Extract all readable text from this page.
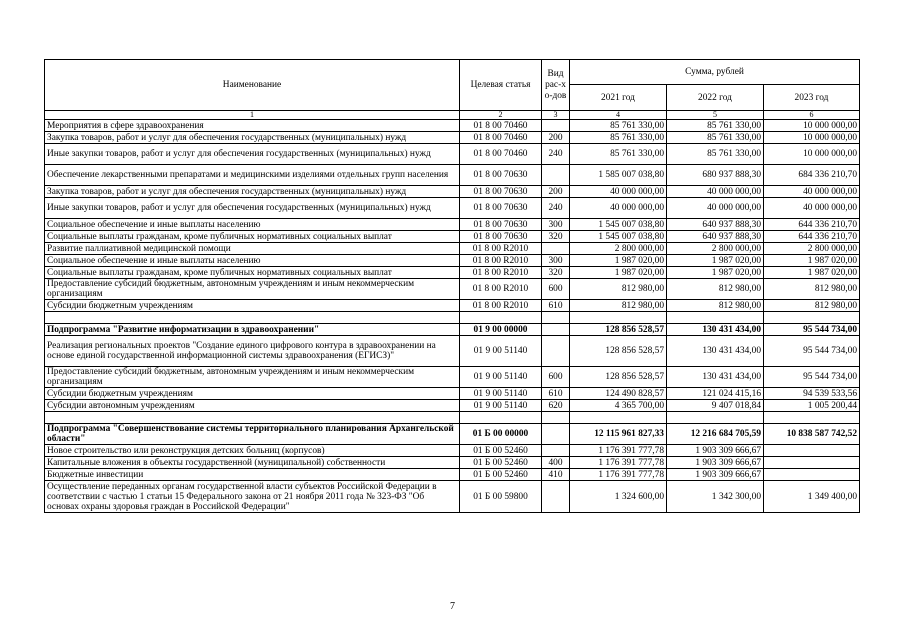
Наименование	Целевая статья	Вид рас-хо-дов	Сумма, рублей		
			2021 год	2022 год	2023 год
1	2	3	4	5	6
Мероприятия в сфере здравоохранения	01 8 00 70460		85 761 330,00	85 761 330,00	10 000 000,00
Закупка товаров, работ и услуг для обеспечения государственных (муниципальных) нужд	01 8 00 70460	200	85 761 330,00	85 761 330,00	10 000 000,00
Иные закупки товаров, работ и услуг для обеспечения государственных (муниципальных) нужд	01 8 00 70460	240	85 761 330,00	85 761 330,00	10 000 000,00
Обеспечение лекарственными препаратами и медицинскими изделиями отдельных групп населения	01 8 00 70630		1 585 007 038,80	680 937 888,30	684 336 210,70
Закупка товаров, работ и услуг для обеспечения государственных (муниципальных) нужд	01 8 00 70630	200	40 000 000,00	40 000 000,00	40 000 000,00
Иные закупки товаров, работ и услуг для обеспечения государственных (муниципальных) нужд	01 8 00 70630	240	40 000 000,00	40 000 000,00	40 000 000,00
Социальное обеспечение и иные выплаты населению	01 8 00 70630	300	1 545 007 038,80	640 937 888,30	644 336 210,70
Социальные выплаты гражданам, кроме публичных нормативных социальных выплат	01 8 00 70630	320	1 545 007 038,80	640 937 888,30	644 336 210,70
Развитие паллиативной медицинской помощи	01 8 00 R2010		2 800 000,00	2 800 000,00	2 800 000,00
Социальное обеспечение и иные выплаты населению	01 8 00 R2010	300	1 987 020,00	1 987 020,00	1 987 020,00
Социальные выплаты гражданам, кроме публичных нормативных социальных выплат	01 8 00 R2010	320	1 987 020,00	1 987 020,00	1 987 020,00
Предоставление субсидий бюджетным, автономным учреждениям и иным некоммерческим организациям	01 8 00 R2010	600	812 980,00	812 980,00	812 980,00
Субсидии бюджетным учреждениям	01 8 00 R2010	610	812 980,00	812 980,00	812 980,00

Подпрограмма "Развитие информатизации в здравоохранении"	01 9 00 00000		128 856 528,57	130 431 434,00	95 544 734,00
Реализация региональных проектов "Создание единого цифрового контура в здравоохранении на основе единой государственной информационной системы здравоохранения (ЕГИСЗ)"	01 9 00 51140		128 856 528,57	130 431 434,00	95 544 734,00
Предоставление субсидий бюджетным, автономным учреждениям и иным некоммерческим организациям	01 9 00 51140	600	128 856 528,57	130 431 434,00	95 544 734,00
Субсидии бюджетным учреждениям	01 9 00 51140	610	124 490 828,57	121 024 415,16	94 539 533,56
Субсидии автономным учреждениям	01 9 00 51140	620	4 365 700,00	9 407 018,84	1 005 200,44

Подпрограмма "Совершенствование системы территориального планирования Архангельской области"	01 Б 00 00000		12 115 961 827,33	12 216 684 705,59	10 838 587 742,52
Новое строительство или реконструкция детских больниц (корпусов)	01 Б 00 52460		1 176 391 777,78	1 903 309 666,67	
Капитальные вложения в объекты государственной (муниципальной) собственности	01 Б 00 52460	400	1 176 391 777,78	1 903 309 666,67	
Бюджетные инвестиции	01 Б 00 52460	410	1 176 391 777,78	1 903 309 666,67	
Осуществление переданных органам государственной власти субъектов Российской Федерации в соответствии с частью 1 статьи 15 Федерального закона от 21 ноября 2011 года № 323-ФЗ "Об основах охраны здоровья граждан в Российской Федерации"	01 Б 00 59800		1 324 600,00	1 342 300,00	1 349 400,00
7
